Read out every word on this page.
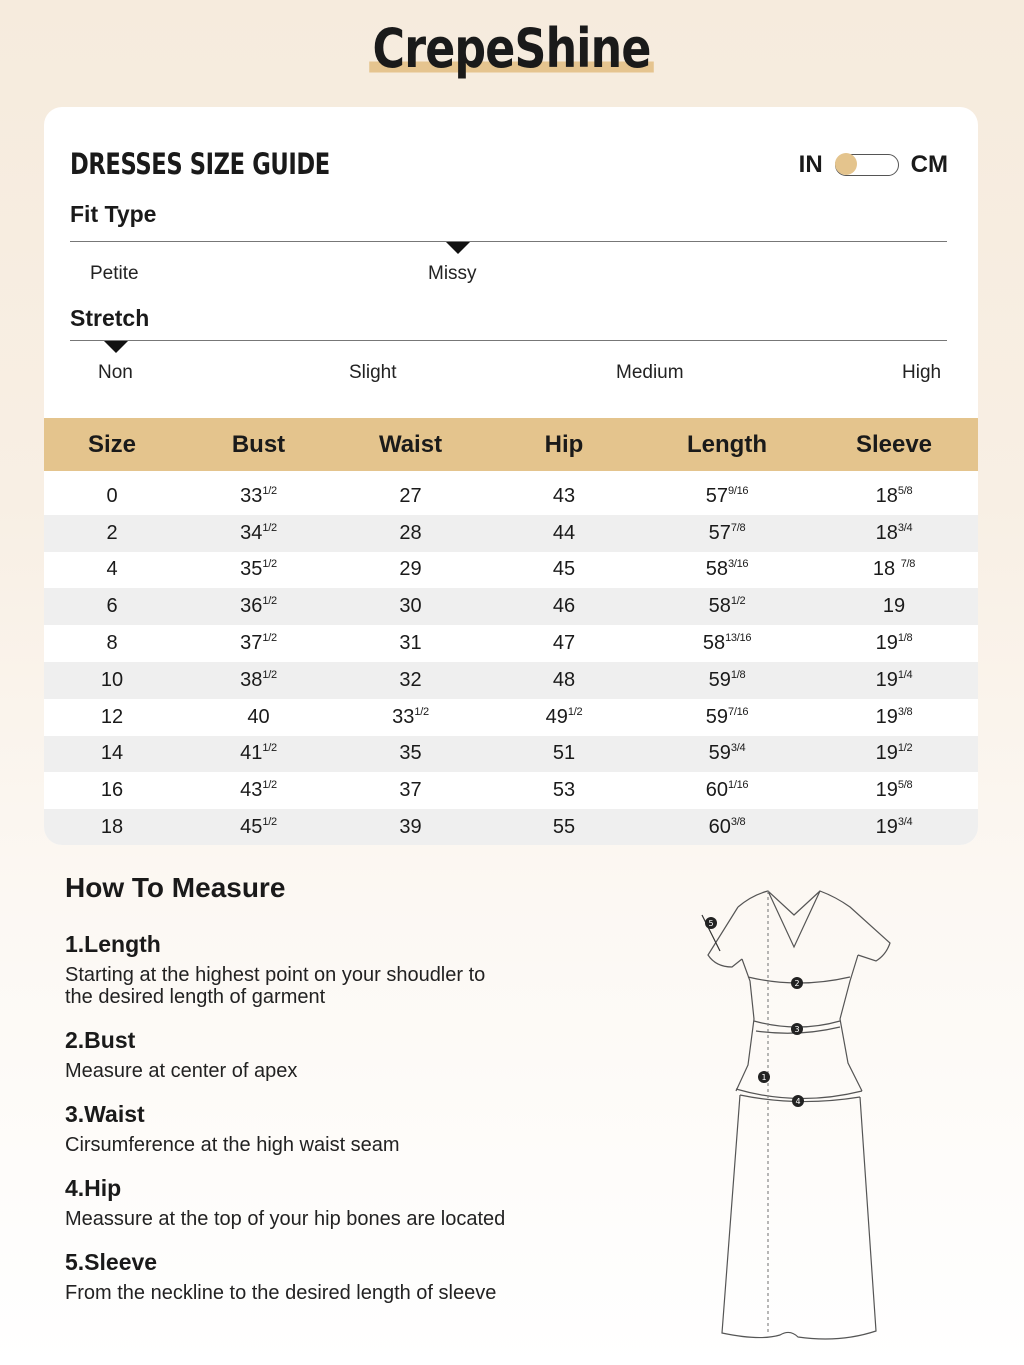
CrepeShine
DRESSES SIZE GUIDE	IN	CM
Fit Type
Petite	Missy
Stretch
Non	Slight	Medium	High
Size	Bust	Waist	Hip	Length	Sleeve
0	$33^{1/2}$	27	43	$57^{9/16}$	$18^{5/8}$
2	$34^{1/2}$	28	44	$57^{7/8}$	$18^{3/4}$
4	$35^{1/2}$	29	45	$58^{3/16}$	18 $^{7/8}$
6	$36^{1/2}$	30	46	$58^{1/2}$	19
8	$37^{1/2}$	31	47	$58^{13/16}$	$19^{1/8}$
10	$38^{1/2}$	32	48	$59^{1/8}$	$19^{1/4}$
12	40	$33^{1/2}$	$49^{1/2}$	$59^{7/16}$	$19^{3/8}$
14	$41^{1/2}$	35	51	$59^{3/4}$	$19^{1/2}$
16	$43^{1/2}$	37	53	$60^{1/16}$	$19^{5/8}$
18	$45^{1/2}$	39	55	$60^{3/8}$	$19^{3/4}$
How To Measure
1.Length
Starting at the highest point on your shoudler to
the desired length of garment
2.Bust
Measure at center of apex
3.Waist
Cirsumference at the high waist seam
4.Hip
Meassure at the top of your hip bones are located
5.Sleeve
From the neckline to the desired length of sleeve
5
2
3
1
4
